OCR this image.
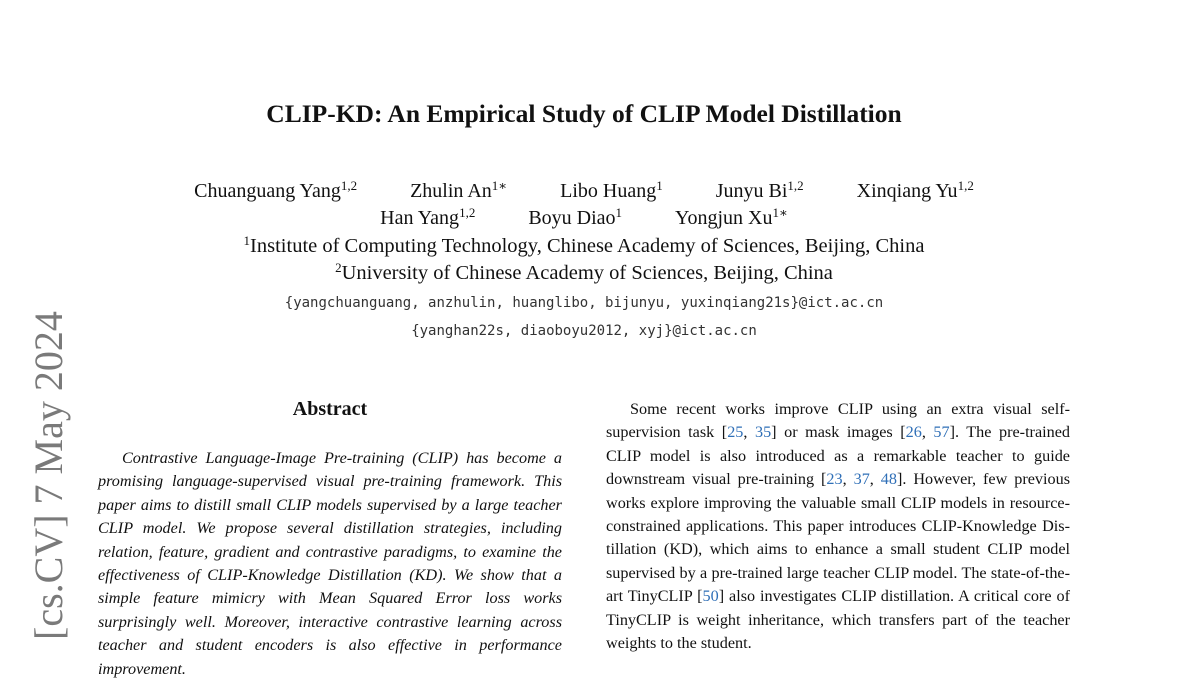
[cs.CV] 7 May 2024
CLIP-KD: An Empirical Study of CLIP Model Distillation
Chuanguang Yang$^{1,2}$	Zhulin $An^{1∗}$	Libo Huang$^1$	Junyu Bi$^{1,2}$	Xinqiang Yu$^{1,2}$
Han Yang$^{1,2}$	Boyu Diao$^1$	Yongjun $Xu^{1∗}$
$^1$Institute of Computing Technology, Chinese Academy of Sciences, Beijing, China
$^2$University of Chinese Academy of Sciences, Beijing, China
{yangchuanguang, anzhulin, huanglibo, bijunyu, yuxinqiang21s}@ict.ac.cn
{yanghan22s, diaoboyu2012, xyj}@ict.ac.cn
Abstract
Contrastive Language-Image Pre-training (CLIP) has become a promising language-supervised visual pre-training framework. This paper aims to distill small CLIP models supervised by a large teacher CLIP model. We propose several distillation strategies, including relation, feature, gradient and contrastive paradigms, to examine the effectiveness of CLIP-Knowledge Distillation (KD). We show that a simple feature mimicry with Mean Squared Error loss works surprisingly well. Moreover, interactive contrastive learning across teacher and student encoders is also effective in performance improvement.
Some recent works improve CLIP using an extra visual self-supervision task [25, 35] or mask images [26, 57]. The pre-trained CLIP model is also introduced as a remarkable teacher to guide downstream visual pre-training [23, 37, 48]. However, few previous works explore improving the valuable small CLIP models in resource-constrained applications. This paper introduces CLIP-Knowledge Distillation (KD), which aims to enhance a small student CLIP model supervised by a pre-trained large teacher CLIP model. The state-of-the-art TinyCLIP [50] also investigates CLIP distillation. A critical core of TinyCLIP is weight inheritance, which transfers part of the teacher weights to the student.
